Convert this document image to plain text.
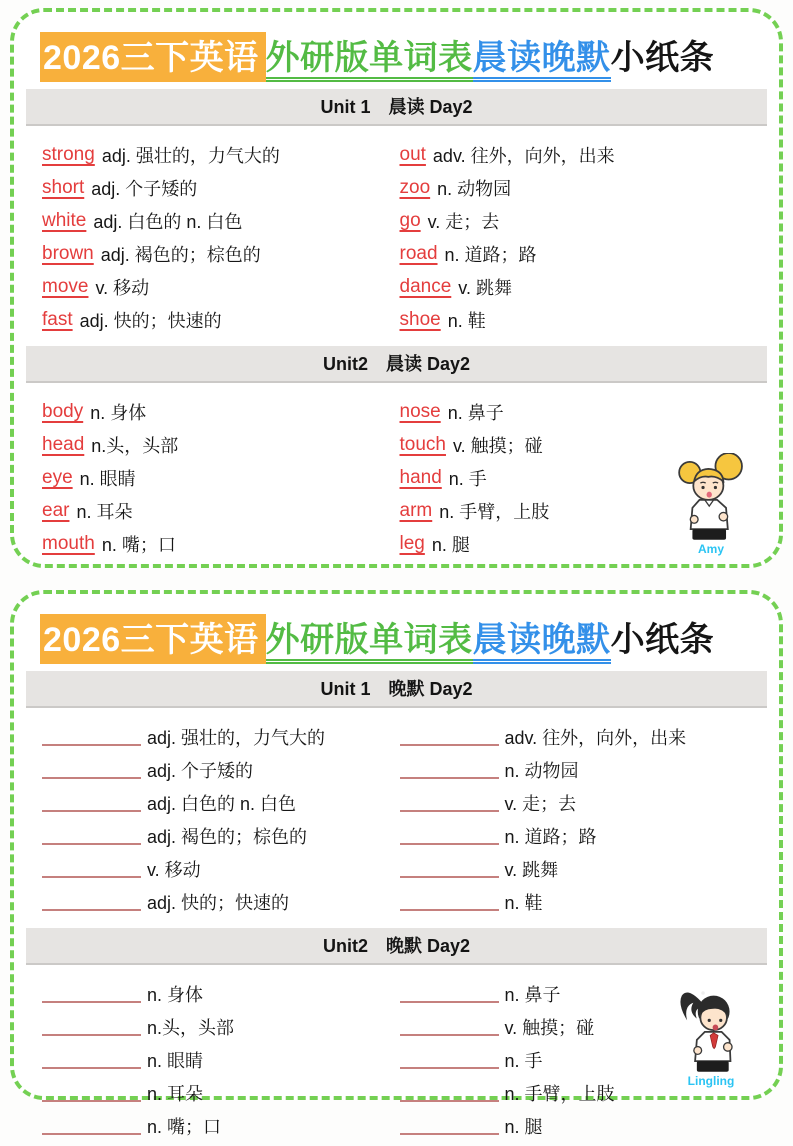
2026三下英语 外研版单词表晨读晚默小纸条
Unit 1　晨读 Day2
strong adj. 强壮的，力气大的
short adj. 个子矮的
white adj. 白色的 n. 白色
brown adj. 褐色的；棕色的
move v. 移动
fast adj. 快的；快速的
out adv. 往外，向外，出来
zoo n. 动物园
go v. 走；去
road n. 道路；路
dance v. 跳舞
shoe n. 鞋
Unit2　晨读 Day2
body n. 身体
head n.头，头部
eye n. 眼睛
ear n. 耳朵
mouth n. 嘴；口
nose n. 鼻子
touch v. 触摸；碰
hand n. 手
arm n. 手臂，上肢
leg n. 腿	Amy
2026三下英语 外研版单词表晨读晚默小纸条
Unit 1　晚默 Day2
adj. 强壮的，力气大的
adj. 个子矮的
adj. 白色的 n. 白色
adj. 褐色的；棕色的
v. 移动
adj. 快的；快速的
adv. 往外，向外，出来
n. 动物园
v. 走；去
n. 道路；路
v. 跳舞
n. 鞋
Unit2　晚默 Day2
n. 身体
n.头，头部
n. 眼睛
n. 耳朵
n. 嘴；口
n. 鼻子
v. 触摸；碰
n. 手
n. 手臂，上肢
n. 腿
Lingling
